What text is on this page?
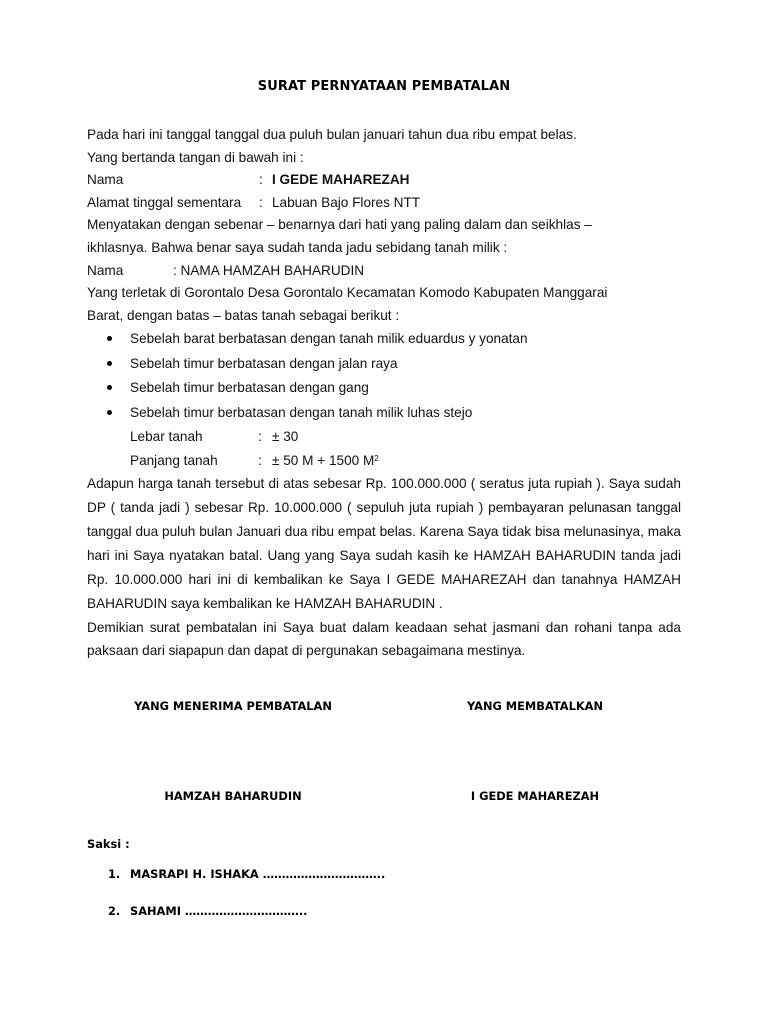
SURAT PERNYATAAN PEMBATALAN

Pada hari ini tanggal tanggal dua puluh bulan januari tahun dua ribu empat belas.

Yang bertanda tangan di bawah ini :

Nama	: I GEDE MAHAREZAH
Alamat tinggal sementara	: Labuan Bajo Flores NTT

Menyatakan dengan sebenar – benarnya dari hati yang paling dalam dan seikhlas –

ikhlasnya. Bahwa benar saya sudah tanda jadu sebidang tanah milik :

Nama	: NAMA HAMZAH BAHARUDIN

Yang terletak di Gorontalo Desa Gorontalo Kecamatan Komodo Kabupaten Manggarai

Barat, dengan batas – batas tanah sebagai berikut :

Sebelah barat berbatasan dengan tanah milik eduardus y yonatan
Sebelah timur berbatasan dengan jalan raya
Sebelah timur berbatasan dengan gang
Sebelah timur berbatasan dengan tanah milik luhas stejo
Lebar tanah	: ± 30
Panjang tanah	: ± 50 M + 1500 $M^2$

Adapun harga tanah tersebut di atas sebesar Rp. 100.000.000 ( seratus juta rupiah ). Saya sudah DP ( tanda jadi ) sebesar Rp. 10.000.000 ( sepuluh juta rupiah ) pembayaran pelunasan tanggal tanggal dua puluh bulan Januari dua ribu empat belas. Karena Saya tidak bisa melunasinya, maka hari ini Saya nyatakan batal. Uang yang Saya sudah kasih ke HAMZAH BAHARUDIN tanda jadi Rp. 10.000.000 hari ini di kembalikan ke Saya I GEDE MAHAREZAH dan tanahnya HAMZAH BAHARUDIN saya kembalikan ke HAMZAH BAHARUDIN .

Demikian surat pembatalan ini Saya buat dalam keadaan sehat jasmani dan rohani tanpa ada paksaan dari siapapun dan dapat di pergunakan sebagaimana mestinya.

YANG MENERIMA PEMBATALAN	YANG MEMBATALKAN
HAMZAH BAHARUDIN	I GEDE MAHAREZAH
Saksi :
1. MASRAPI H. ISHAKA …………………………..
2. SAHAMI …………………………..
